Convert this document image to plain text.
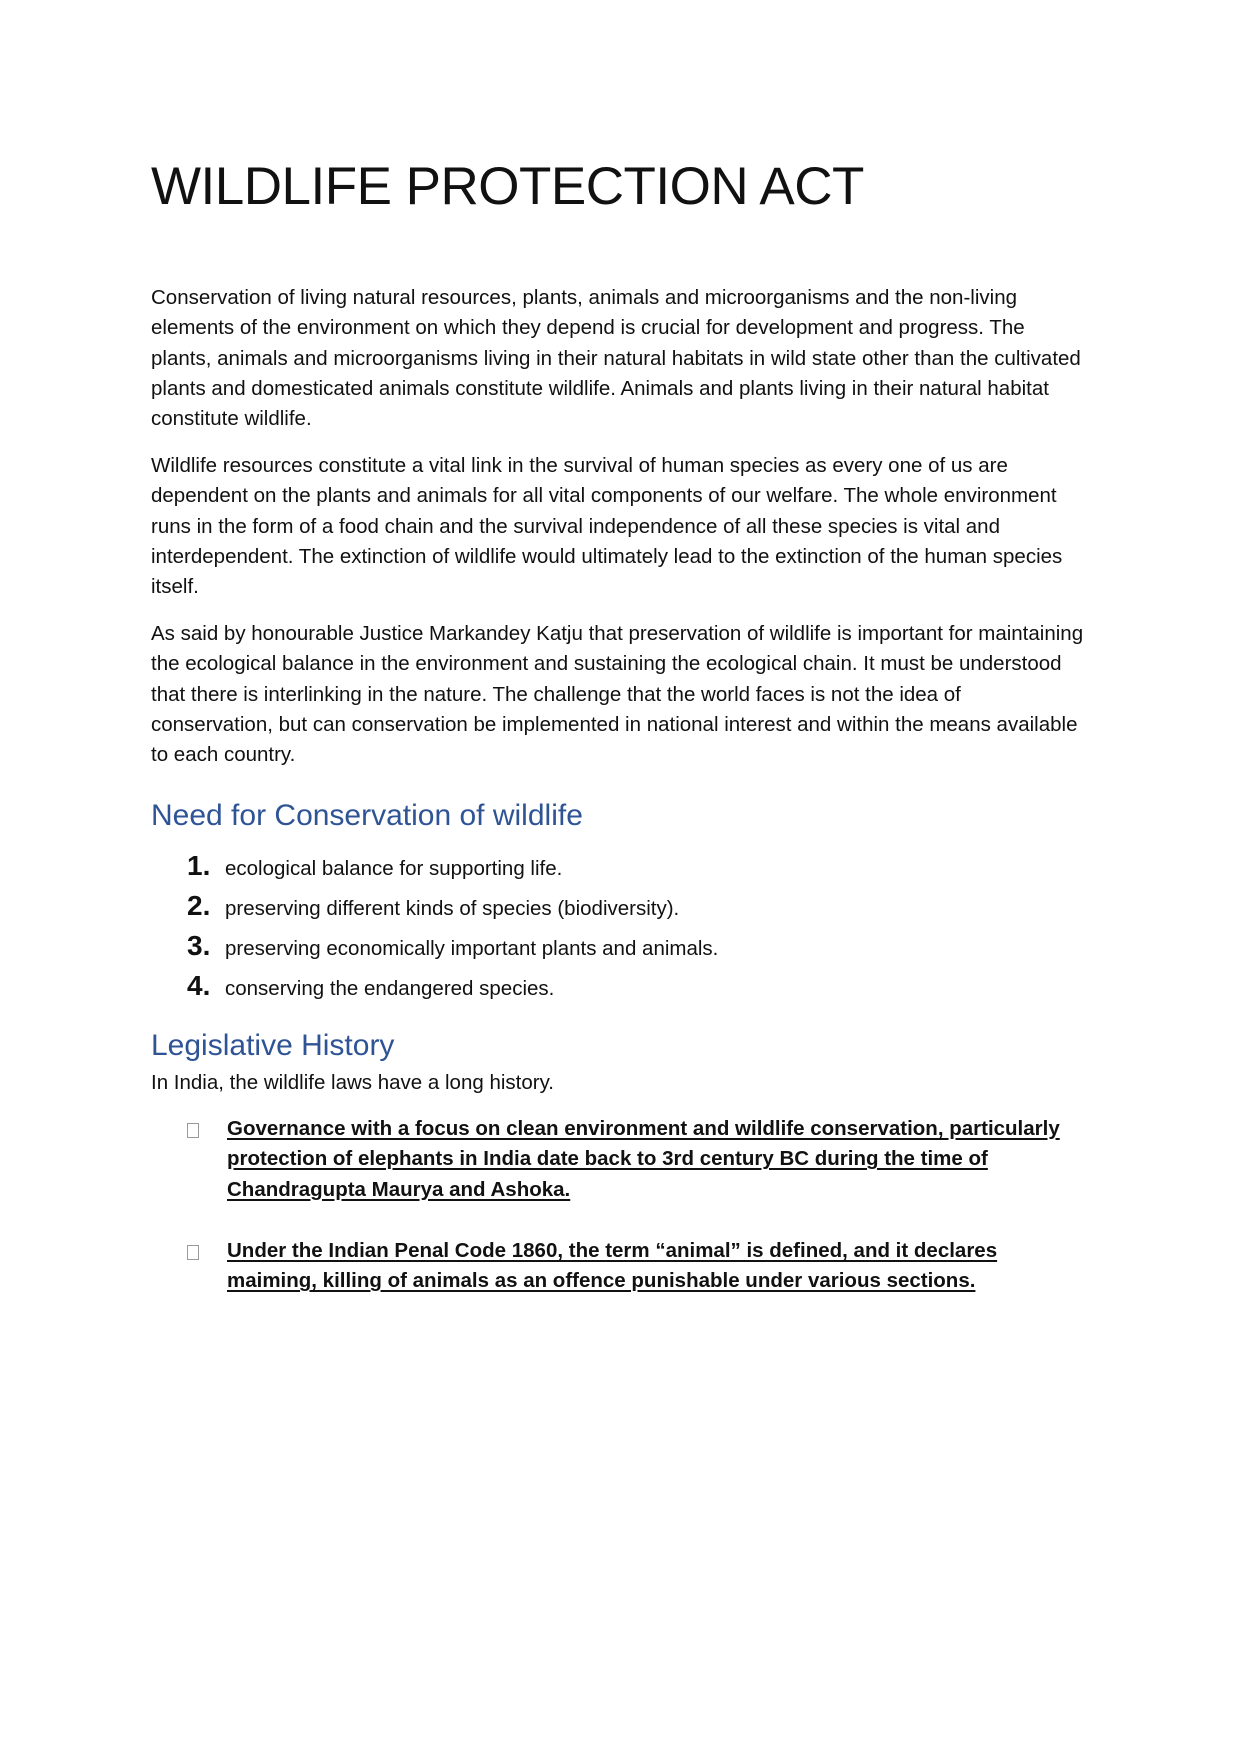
WILDLIFE PROTECTION ACT

Conservation of living natural resources, plants, animals and microorganisms and the non-living elements of the environment on which they depend is crucial for development and progress. The plants, animals and microorganisms living in their natural habitats in wild state other than the cultivated plants and domesticated animals constitute wildlife. Animals and plants living in their natural habitat constitute wildlife.

Wildlife resources constitute a vital link in the survival of human species as every one of us are dependent on the plants and animals for all vital components of our welfare. The whole environment runs in the form of a food chain and the survival independence of all these species is vital and interdependent. The extinction of wildlife would ultimately lead to the extinction of the human species itself.

As said by honourable Justice Markandey Katju that preservation of wildlife is important for maintaining the ecological balance in the environment and sustaining the ecological chain. It must be understood that there is interlinking in the nature. The challenge that the world faces is not the idea of conservation, but can conservation be implemented in national interest and within the means available to each country.

Need for Conservation of wildlife
1. ecological balance for supporting life.
2. preserving different kinds of species (biodiversity).
3. preserving economically important plants and animals.
4. conserving the endangered species.
Legislative History

In India, the wildlife laws have a long history.

Governance with a focus on clean environment and wildlife conservation, particularly protection of elephants in India date back to 3rd century BC during the time of Chandragupta Maurya and Ashoka.
Under the Indian Penal Code 1860, the term “animal” is defined, and it declares maiming, killing of animals as an offence punishable under various sections.
